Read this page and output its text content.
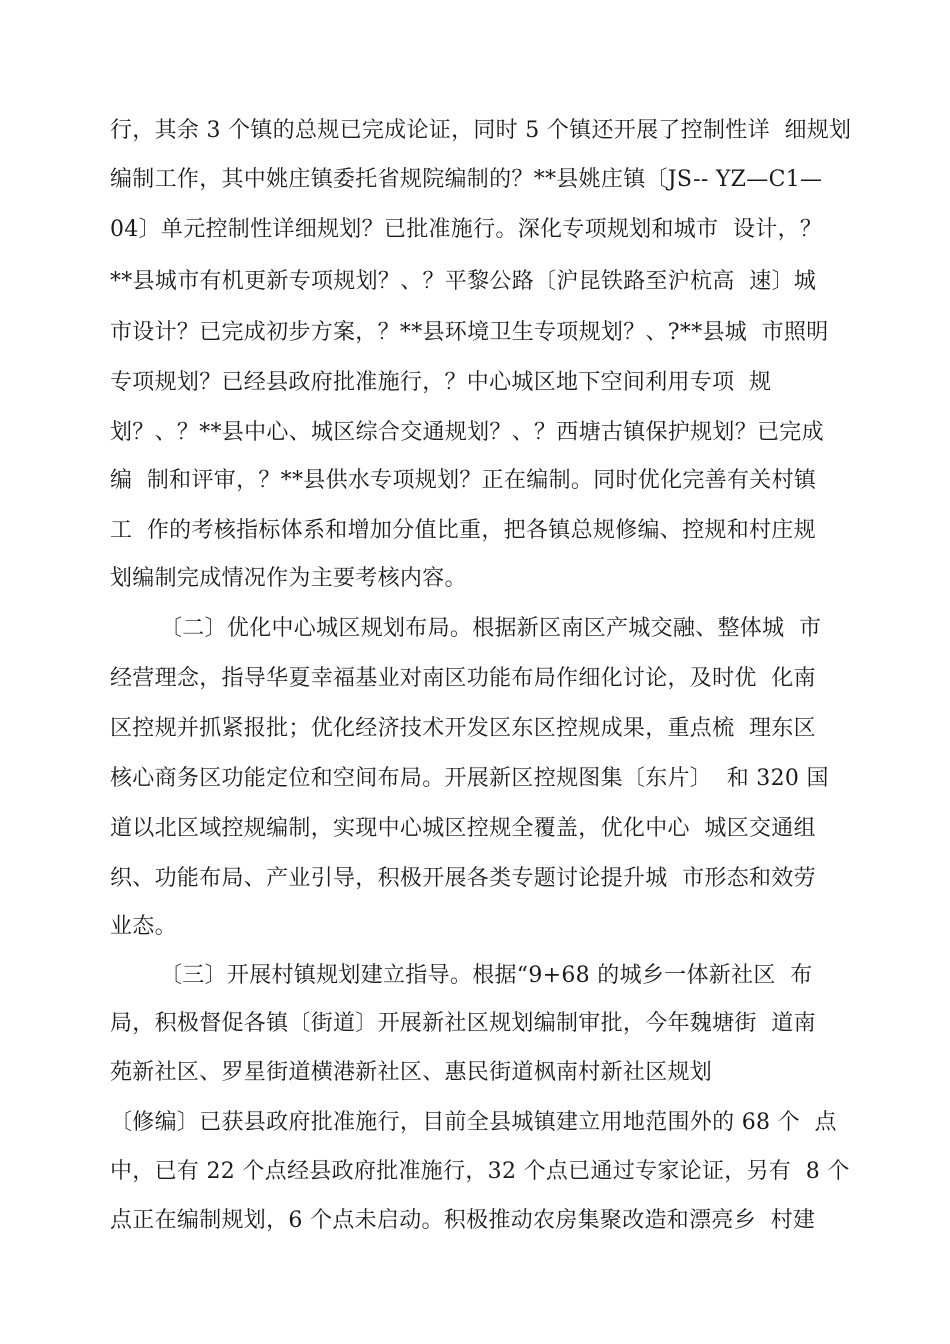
行，其余 3 个镇的总规已完成论证，同时 5 个镇还开展了控制性详  细规划
编制工作，其中姚庄镇委托省规院编制的？**县姚庄镇〔JS-- YZ—C1—
04〕单元控制性详细规划？已批准施行。深化专项规划和城市  设计，？
**县城市有机更新专项规划？、？平黎公路〔沪昆铁路至沪杭高  速〕城
市设计？已完成初步方案，？**县环境卫生专项规划？、?**县城  市照明
专项规划？已经县政府批准施行，？中心城区地下空间利用专项  规
划？、？**县中心、城区综合交通规划？、？西塘古镇保护规划？已完成
编  制和评审，？**县供水专项规划？正在编制。同时优化完善有关村镇
工  作的考核指标体系和增加分值比重，把各镇总规修编、控规和村庄规
划编制完成情况作为主要考核内容。
〔二〕优化中心城区规划布局。根据新区南区产城交融、整体城  市
经营理念，指导华夏幸福基业对南区功能布局作细化讨论，及时优  化南
区控规并抓紧报批；优化经济技术开发区东区控规成果，重点梳  理东区
核心商务区功能定位和空间布局。开展新区控规图集〔东片〕  和 320 国
道以北区域控规编制，实现中心城区控规全覆盖，优化中心  城区交通组
织、功能布局、产业引导，积极开展各类专题讨论提升城  市形态和效劳
业态。
〔三〕开展村镇规划建立指导。根据“9+68 的城乡一体新社区  布
局，积极督促各镇〔街道〕开展新社区规划编制审批，今年魏塘街  道南
苑新社区、罗星街道横港新社区、惠民街道枫南村新社区规划
〔修编〕已获县政府批准施行，目前全县城镇建立用地范围外的 68 个  点
中，已有 22 个点经县政府批准施行，32 个点已通过专家论证，另有  8 个
点正在编制规划，6 个点未启动。积极推动农房集聚改造和漂亮乡  村建
